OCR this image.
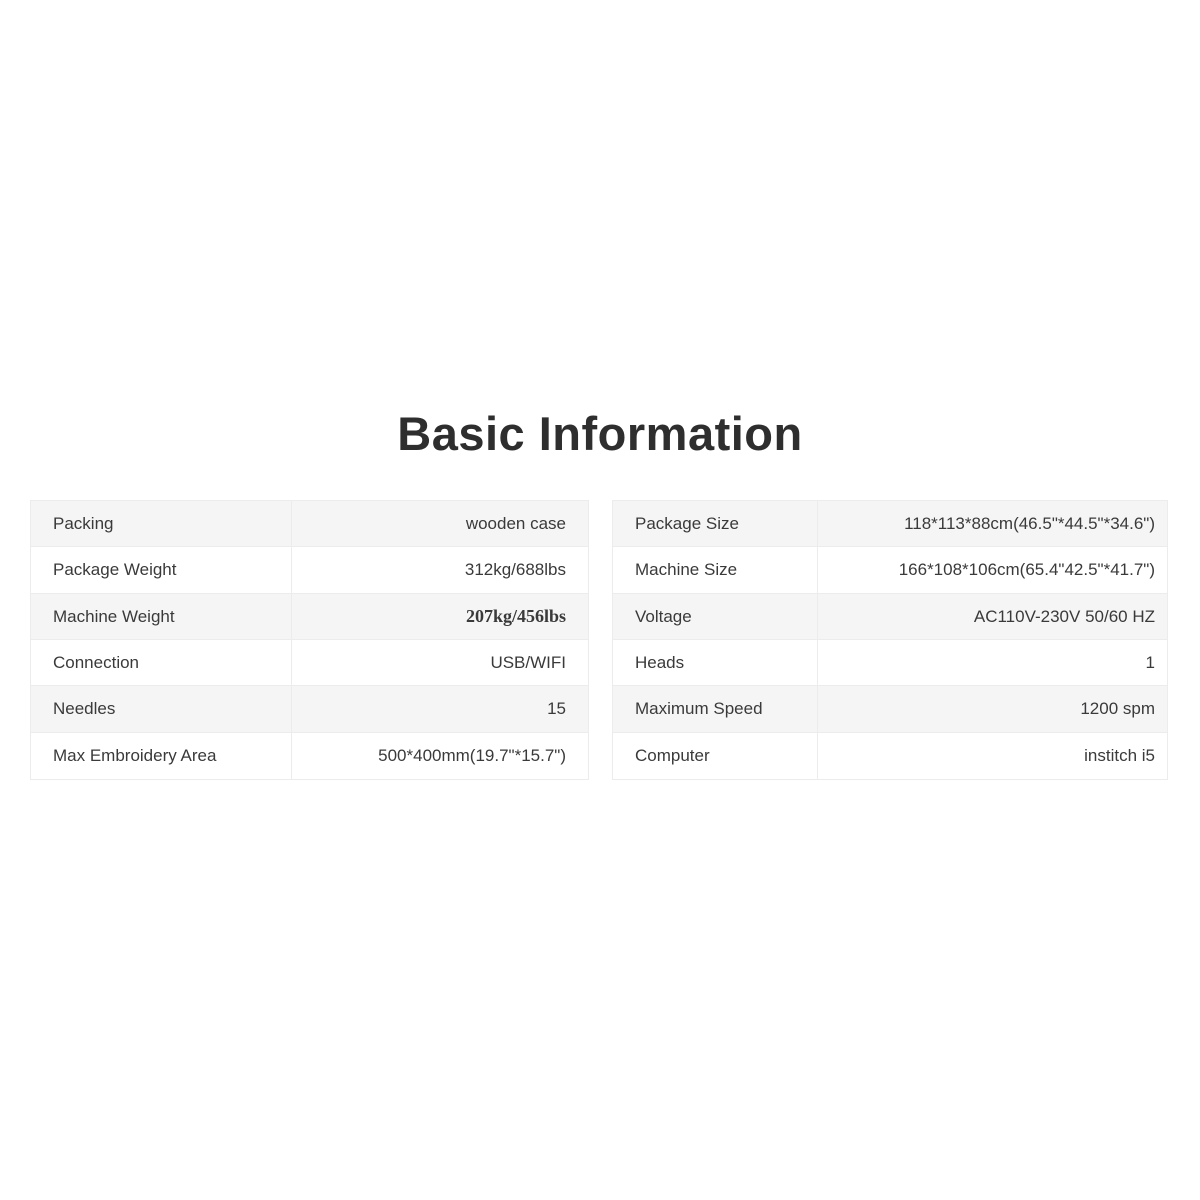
Basic Information
Packing	wooden case
Package Weight	312kg/688lbs
Machine Weight	207kg/456lbs
Connection	USB/WIFI
Needles	15
Max Embroidery Area	500*400mm(19.7"*15.7")
Package Size	118*113*88cm(46.5"*44.5"*34.6")
Machine Size	166*108*106cm(65.4"42.5"*41.7")
Voltage	AC110V-230V 50/60 HZ
Heads	1
Maximum Speed	1200 spm
Computer	institch i5
